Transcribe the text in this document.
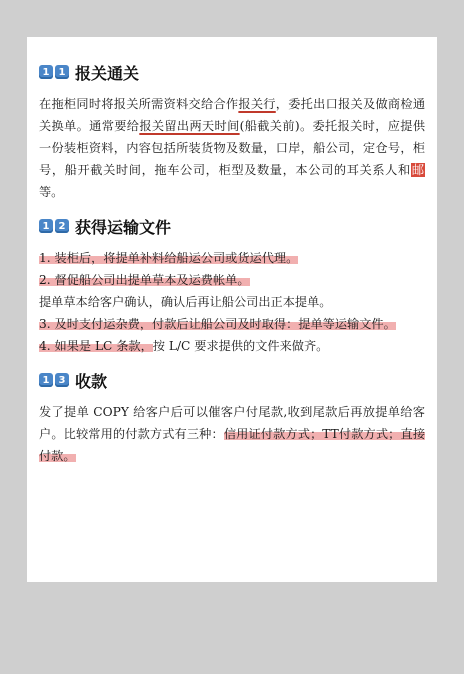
1 1 报关通关

在拖柜同时将报关所需资料交给合作报关行，委托出口报关及做商检通关换单。通常要给报关留出两天时间(船截关前)。委托报关时，应提供一份装柜资料，内容包括所装货物及数量，口岸，船公司，定仓号，柜号，船开截关时间，拖车公司，柜型及数量，本公司的耳关系人和邮等。

1 2 获得运输文件
1. 装柜后，将提单补料给船运公司或货运代理。
2. 督促船公司出提单草本及运费帐单。
提单草本给客户确认，确认后再让船公司出正本提单。
3. 及时支付运杂费，付款后让船公司及时取得：提单等运输文件。
4. 如果是 LC 条款，按 L/C 要求提供的文件来做齐。
1 3 收款

发了提单 COPY 给客户后可以催客户付尾款,收到尾款后再放提单给客户。比较常用的付款方式有三种：信用证付款方式；TT付款方式；直接付款。
